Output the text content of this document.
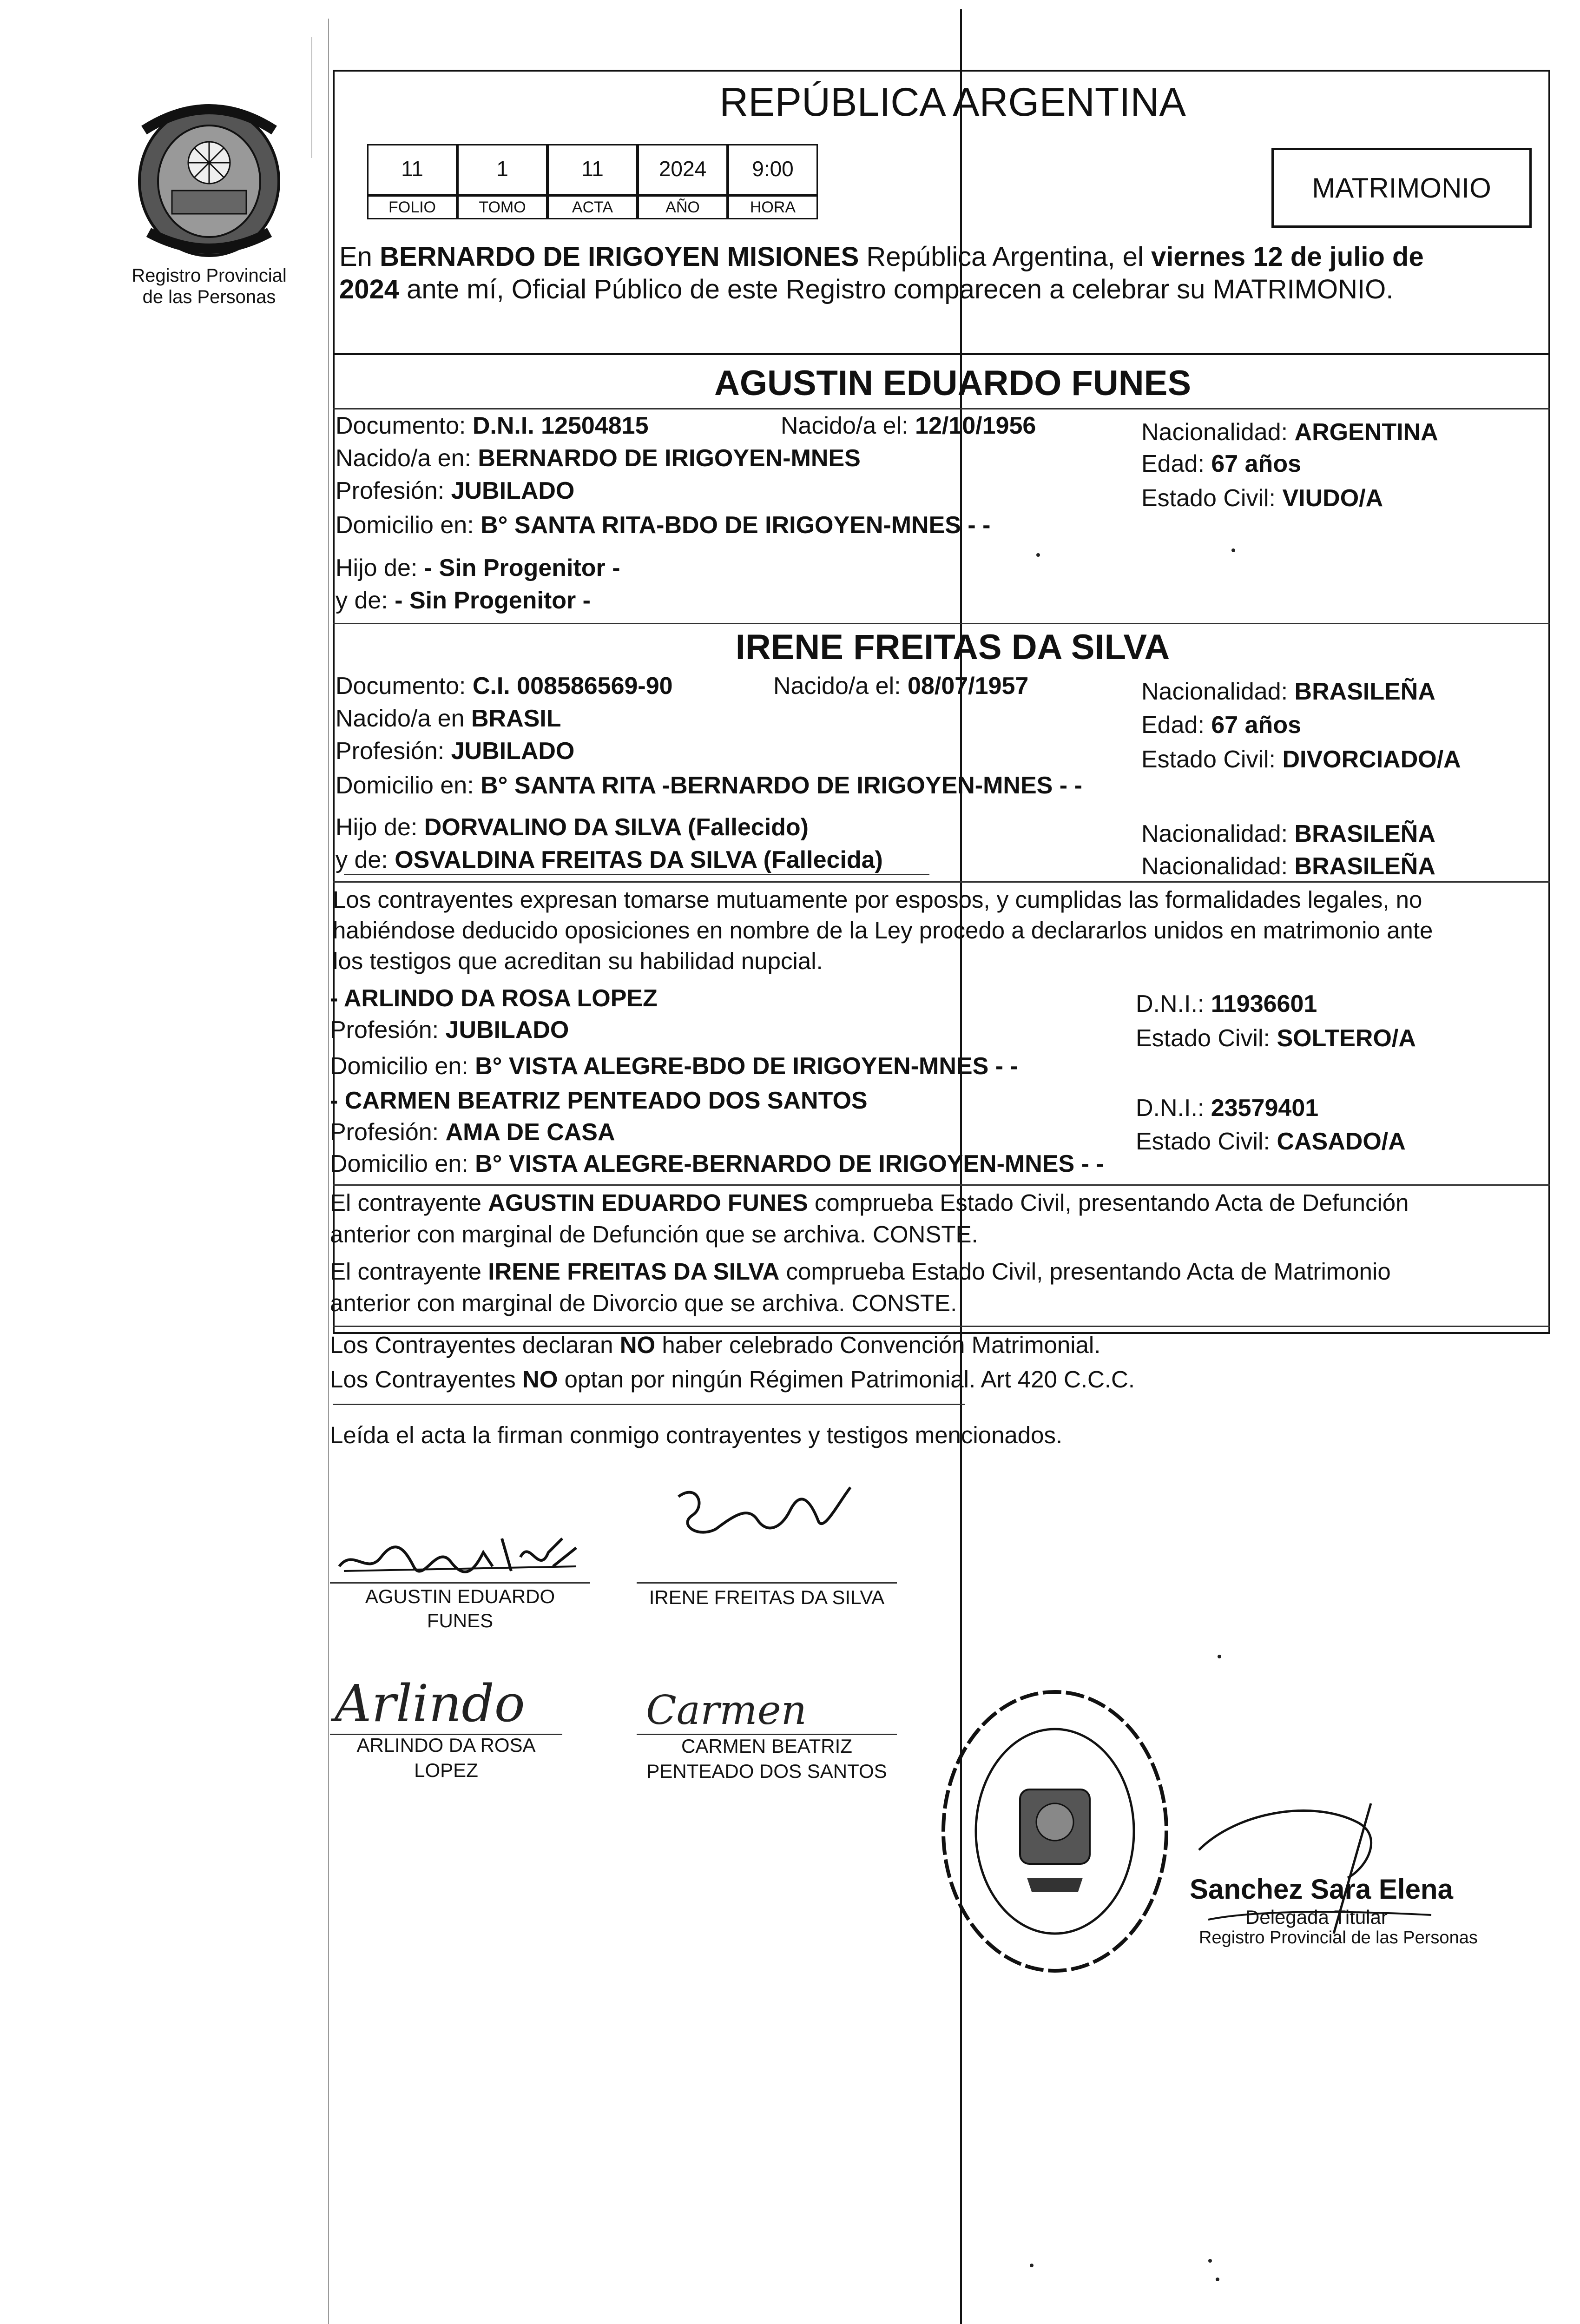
Registro Provincial
de las Personas
REPÚBLICA ARGENTINA
11	1	11	2024	9:00
FOLIO	TOMO	ACTA	AÑO	HORA
MATRIMONIO
En BERNARDO DE IRIGOYEN MISIONES República Argentina, el viernes 12 de julio de
2024 ante mí, Oficial Público de este Registro comparecen a celebrar su MATRIMONIO.
AGUSTIN EDUARDO FUNES
Documento: D.N.I. 12504815	Nacido/a el: 12/10/1956	Nacionalidad: ARGENTINA
Nacido/a en: BERNARDO DE IRIGOYEN-MNES	Edad: 67 años
Profesión: JUBILADO	Estado Civil: VIUDO/A
Domicilio en: B° SANTA RITA-BDO DE IRIGOYEN-MNES - -
Hijo de: - Sin Progenitor -
y de: - Sin Progenitor -
IRENE FREITAS DA SILVA
Documento: C.I. 008586569-90	Nacido/a el: 08/07/1957	Nacionalidad: BRASILEÑA
Nacido/a en BRASIL	Edad: 67 años
Profesión: JUBILADO	Estado Civil: DIVORCIADO/A
Domicilio en: B° SANTA RITA -BERNARDO DE IRIGOYEN-MNES - -
Hijo de: DORVALINO DA SILVA (Fallecido)	Nacionalidad: BRASILEÑA
y de: OSVALDINA FREITAS DA SILVA (Fallecida)	Nacionalidad: BRASILEÑA
Los contrayentes expresan tomarse mutuamente por esposos, y cumplidas las formalidades legales, no
habiéndose deducido oposiciones en nombre de la Ley procedo a declararlos unidos en matrimonio ante
los testigos que acreditan su habilidad nupcial.
- ARLINDO DA ROSA LOPEZ	D.N.I.: 11936601
Profesión: JUBILADO	Estado Civil: SOLTERO/A
Domicilio en: B° VISTA ALEGRE-BDO DE IRIGOYEN-MNES - -
- CARMEN BEATRIZ PENTEADO DOS SANTOS	D.N.I.: 23579401
Profesión: AMA DE CASA	Estado Civil: CASADO/A
Domicilio en: B° VISTA ALEGRE-BERNARDO DE IRIGOYEN-MNES - -
El contrayente AGUSTIN EDUARDO FUNES comprueba Estado Civil, presentando Acta de Defunción
anterior con marginal de Defunción que se archiva. CONSTE.
El contrayente IRENE FREITAS DA SILVA comprueba Estado Civil, presentando Acta de Matrimonio
anterior con marginal de Divorcio que se archiva. CONSTE.
Los Contrayentes declaran NO haber celebrado Convención Matrimonial.
Los Contrayentes NO optan por ningún Régimen Patrimonial. Art 420 C.C.C.
Leída el acta la firman conmigo contrayentes y testigos mencionados.
AGUSTIN EDUARDO
FUNES
IRENE FREITAS DA SILVA
Arlindo
ARLINDO DA ROSA
LOPEZ
Carmen
CARMEN BEATRIZ
PENTEADO DOS SANTOS
Sanchez Sara Elena
Delegada Titular
Registro Provincial de las Personas
